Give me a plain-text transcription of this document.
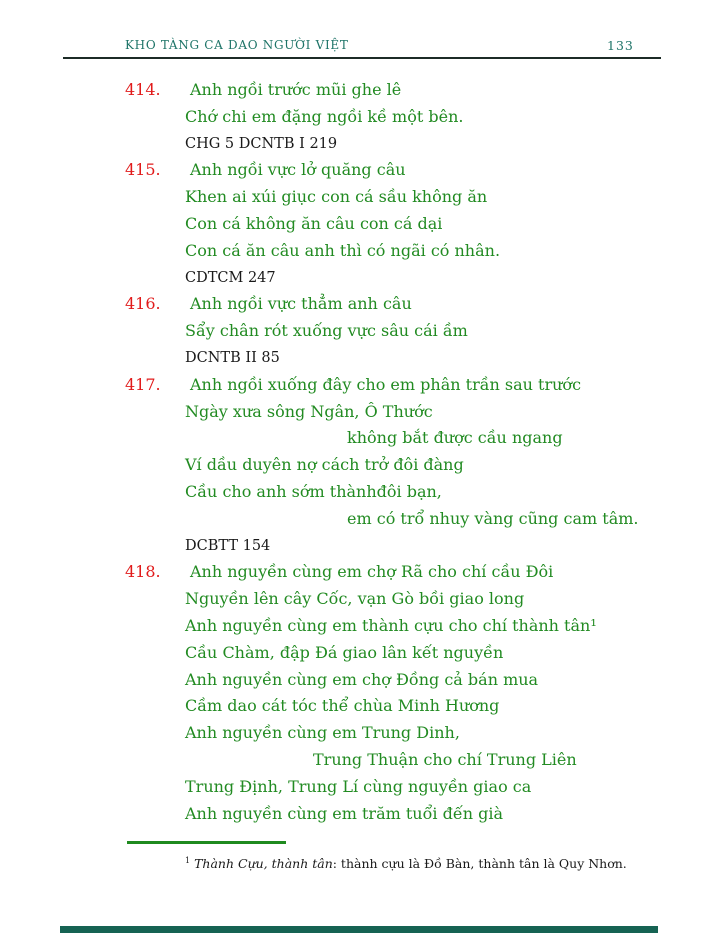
KHO TÀNG CA DAO NGƯỜI VIỆT	133
414. Anh ngồi trước mũi ghe lê
Chớ chi em đặng ngồi kề một bên.
CHG 5 DCNTB I 219
415. Anh ngồi vực lở quăng câu
Khen ai xúi giục con cá sầu không ăn
Con cá không ăn câu con cá dại
Con cá ăn câu anh thì có ngãi có nhân.
CDTCM 247
416. Anh ngồi vực thẳm anh câu
Sẩy chân rót xuống vực sâu cái ầm
DCNTB II 85
417. Anh ngồi xuống đây cho em phân trần sau trước
Ngày xưa sông Ngân, Ô Thước
không bắt được cầu ngang
Ví dầu duyên nợ cách trở đôi đàng
Cầu cho anh sớm thànhđôi bạn,
em có trổ nhuy vàng cũng cam tâm.
DCBTT 154
418. Anh nguyền cùng em chợ Rã cho chí cầu Đôi
Nguyền lên cây Cốc, vạn Gò bồi giao long
Anh nguyền cùng em thành cựu cho chí thành tân¹
Cầu Chàm, đập Đá giao lân kết nguyền
Anh nguyền cùng em chợ Đồng cả bán mua
Cầm dao cát tóc thể chùa Minh Hương
Anh nguyền cùng em Trung Dinh,
Trung Thuận cho chí Trung Liên
Trung Định, Trung Lí cùng nguyền giao ca
Anh nguyền cùng em trăm tuổi đến già
$^1$ Thành Cựu, thành tân: thành cựu là Đồ Bàn, thành tân là Quy Nhơn.
